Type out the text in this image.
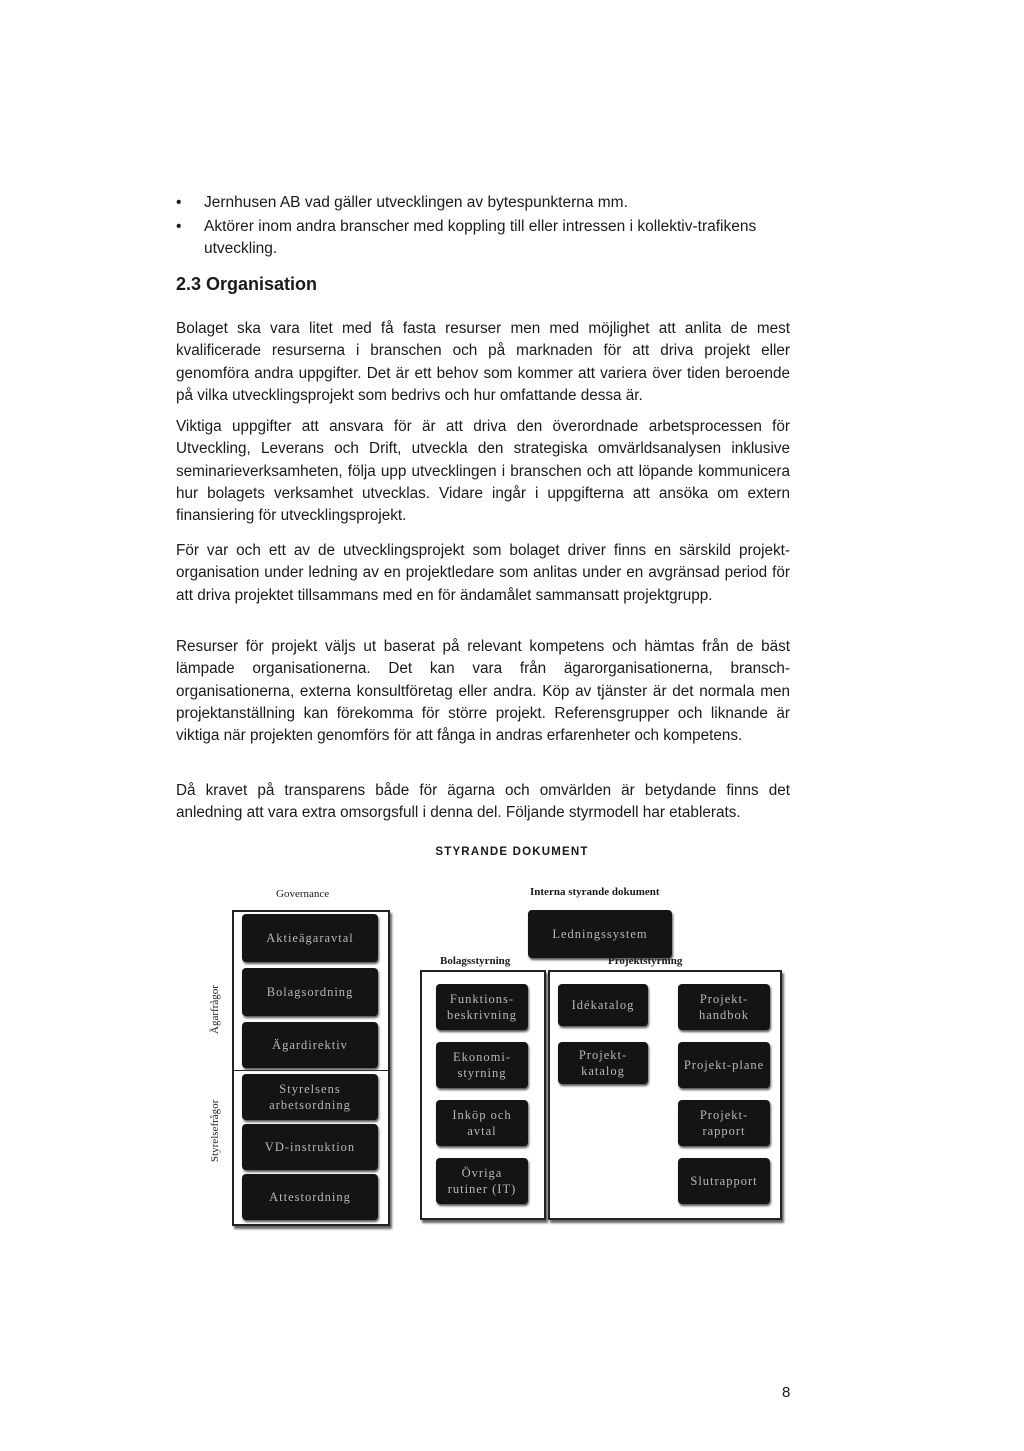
• Jernhusen AB vad gäller utvecklingen av bytespunkterna mm.
• Aktörer inom andra branscher med koppling till eller intressen i kollektiv-trafikens utveckling.
2.3 Organisation

Bolaget ska vara litet med få fasta resurser men med möjlighet att anlita de mest kvalificerade resurserna i branschen och på marknaden för att driva projekt eller genomföra andra uppgifter. Det är ett behov som kommer att variera över tiden beroende på vilka utvecklingsprojekt som bedrivs och hur omfattande dessa är.

Viktiga uppgifter att ansvara för är att driva den överordnade arbetsprocessen för Utveckling, Leverans och Drift, utveckla den strategiska omvärldsanalysen inklusive seminarieverksamheten, följa upp utvecklingen i branschen och att löpande kommunicera hur bolagets verksamhet utvecklas. Vidare ingår i uppgifterna att ansöka om extern finansiering för utvecklingsprojekt.

För var och ett av de utvecklingsprojekt som bolaget driver finns en särskild projekt-organisation under ledning av en projektledare som anlitas under en avgränsad period för att driva projektet tillsammans med en för ändamålet sammansatt projektgrupp.

Resurser för projekt väljs ut baserat på relevant kompetens och hämtas från de bäst lämpade organisationerna. Det kan vara från ägarorganisationerna, bransch-organisationerna, externa konsultföretag eller andra. Köp av tjänster är det normala men projektanställning kan förekomma för större projekt. Referensgrupper och liknande är viktiga när projekten genomförs för att fånga in andras erfarenheter och kompetens.

Då kravet på transparens både för ägarna och omvärlden är betydande finns det anledning att vara extra omsorgsfull i denna del. Följande styrmodell har etablerats.

STYRANDE DOKUMENT

Governance	Interna styrande dokument
Ägarfrågor
Styrelsefrågor
Aktieägaravtal
Bolagsordning
Ägardirektiv
Styrelsens arbetsordning
VD-instruktion
Attestordning
Ledningssystem
Bolagsstyrning	Projektstyrning
Funktions-beskrivning
Ekonomi-styrning
Inköp och avtal
Övriga rutiner (IT)
Idékatalog
Projekt-katalog
Projekt-handbok
Projekt-plane
Projekt-rapport
Slutrapport

8
